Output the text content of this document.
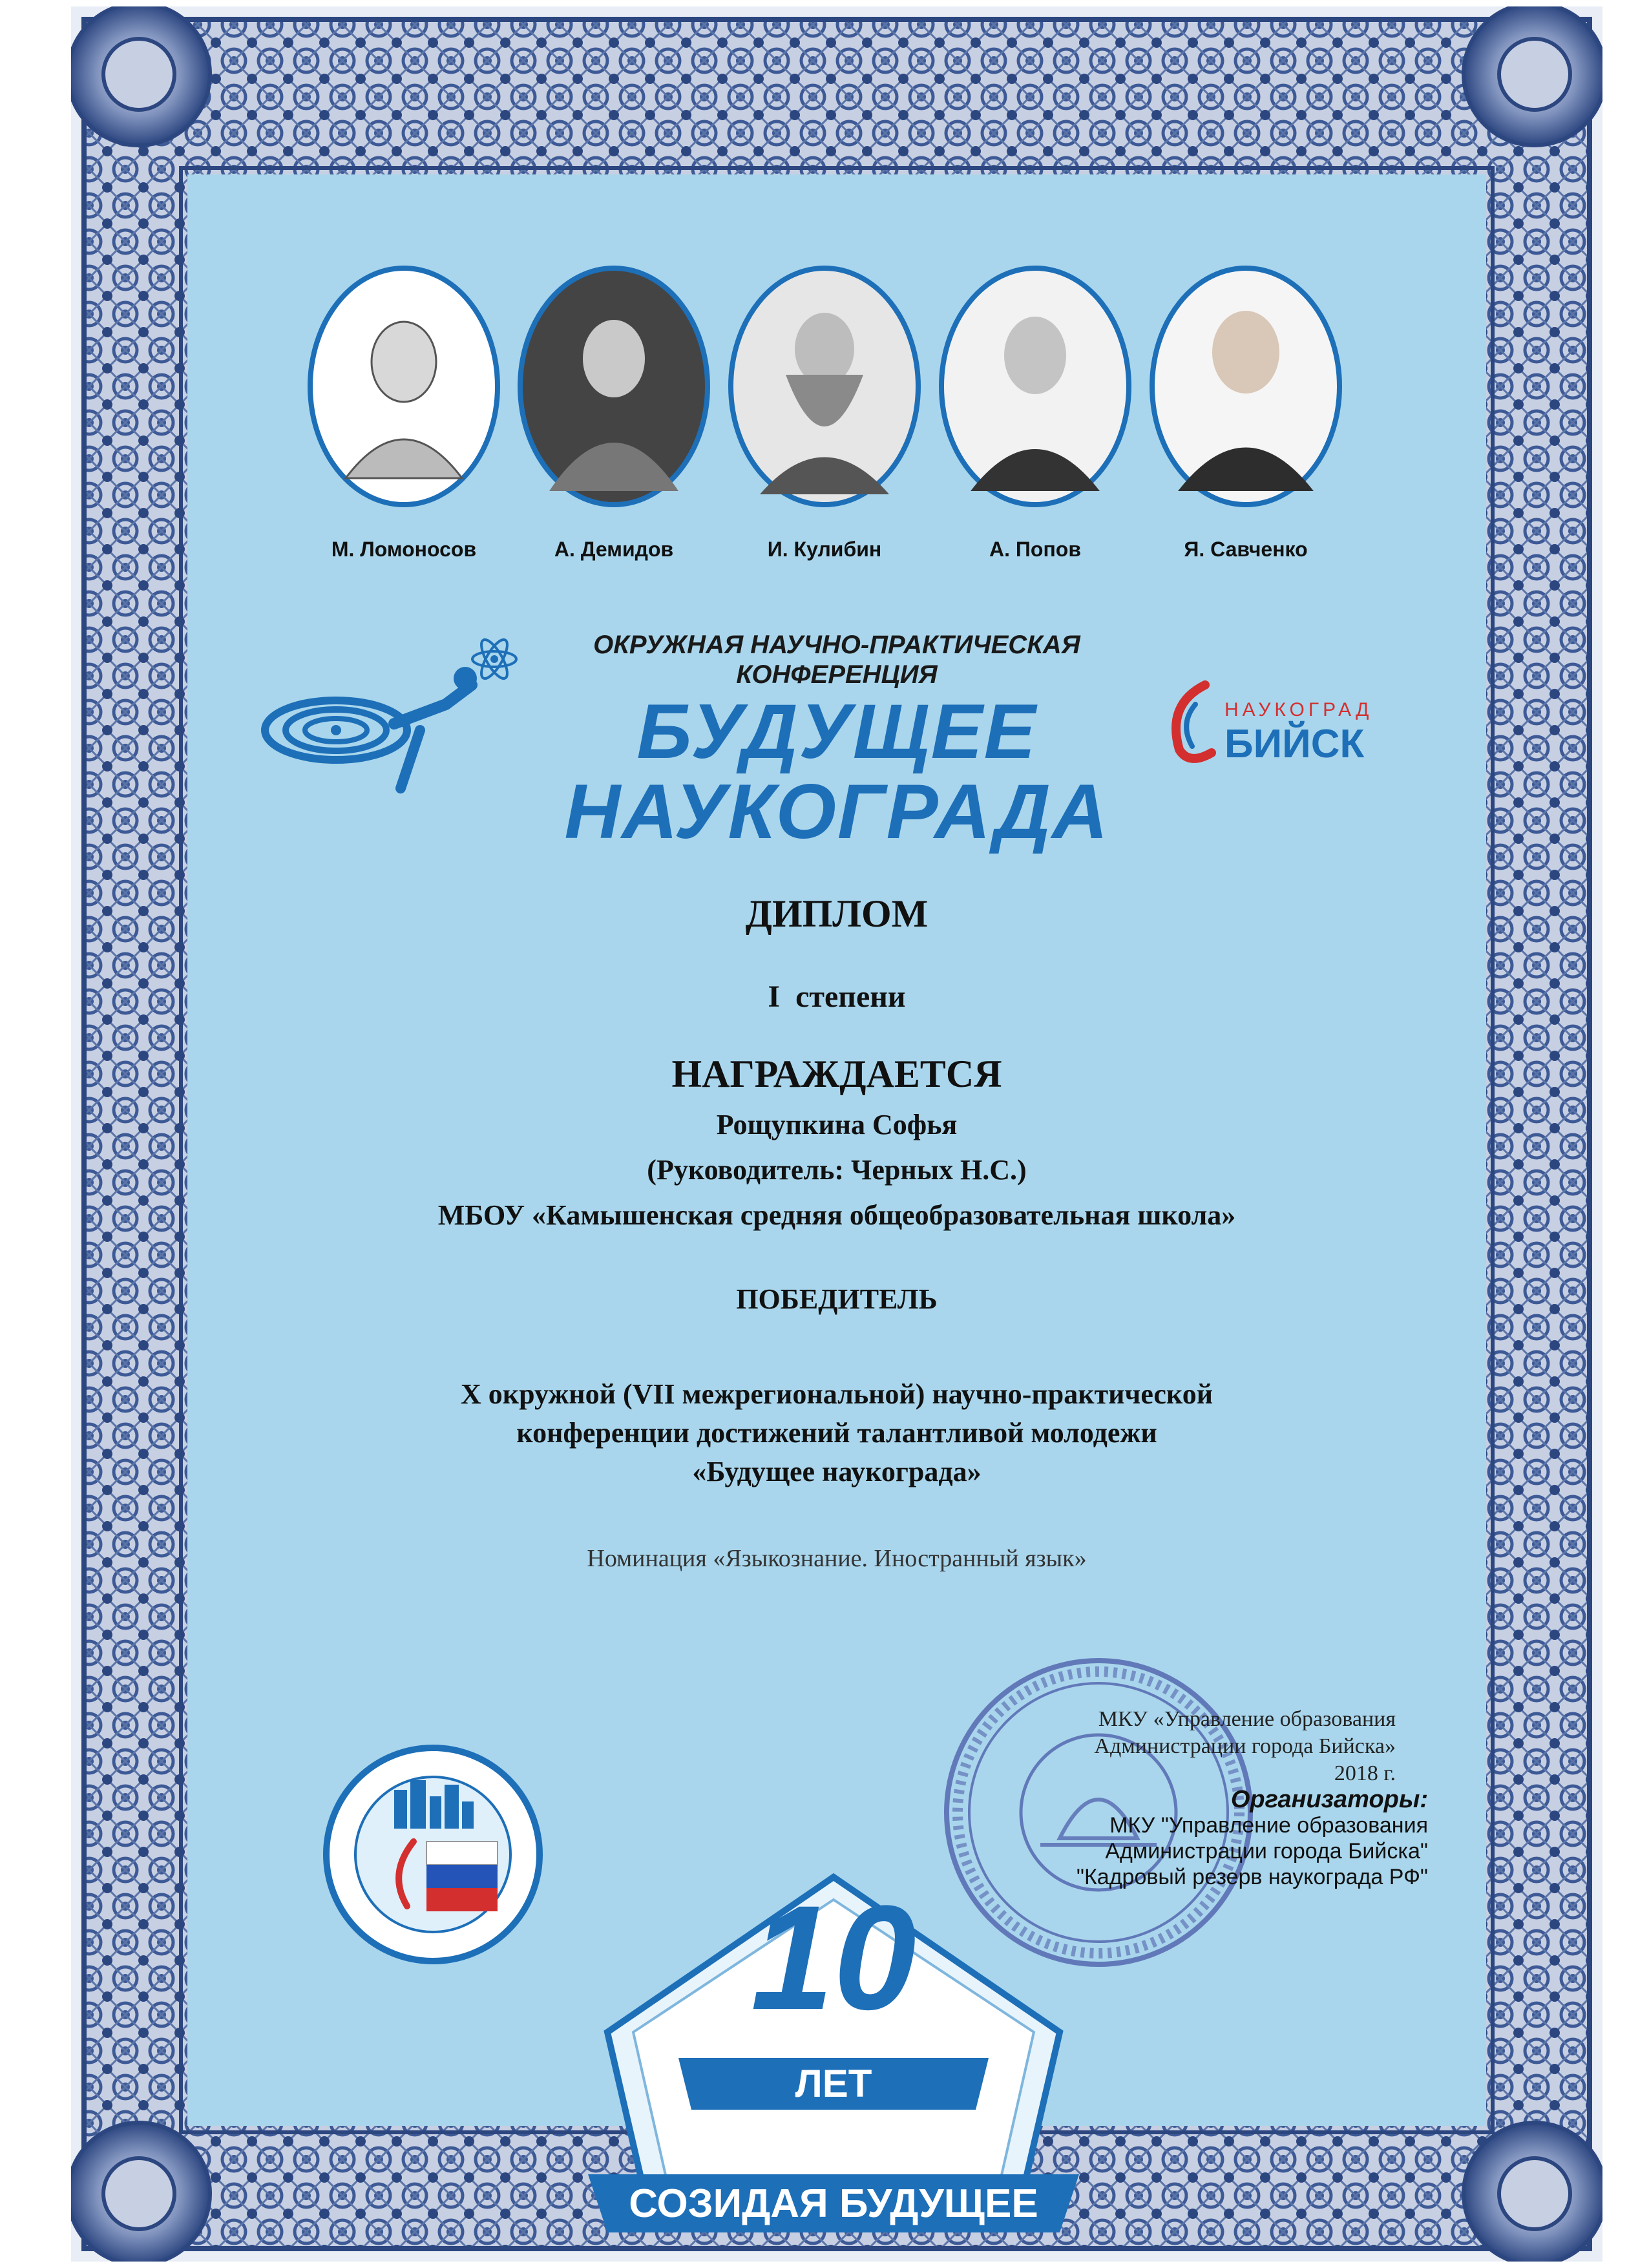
М. Ломоносов	А. Демидов	И. Кулибин	А. Попов	Я. Савченко
ОКРУЖНАЯ НАУЧНО-ПРАКТИЧЕСКАЯ
КОНФЕРЕНЦИЯ
БУДУЩЕЕ
НАУКОГРАДА
НАУКОГРАД
БИЙСК
ДИПЛОМ
I  степени
НАГРАЖДАЕТСЯ
Рощупкина Софья
(Руководитель: Черных Н.С.)
МБОУ «Камышенская средняя общеобразовательная школа»
ПОБЕДИТЕЛЬ
X окружной (VII межрегиональной) научно-практической
конференции достижений талантливой молодежи
«Будущее наукограда»
Номинация «Языкознание. Иностранный язык»
МКУ «Управление образования
Администрации города Бийска»
2018 г.
Организаторы:
МКУ "Управление образования
Администрации города Бийска"
"Кадровый резерв наукограда РФ"
10
ЛЕТ
СОЗИДАЯ БУДУЩЕЕ
